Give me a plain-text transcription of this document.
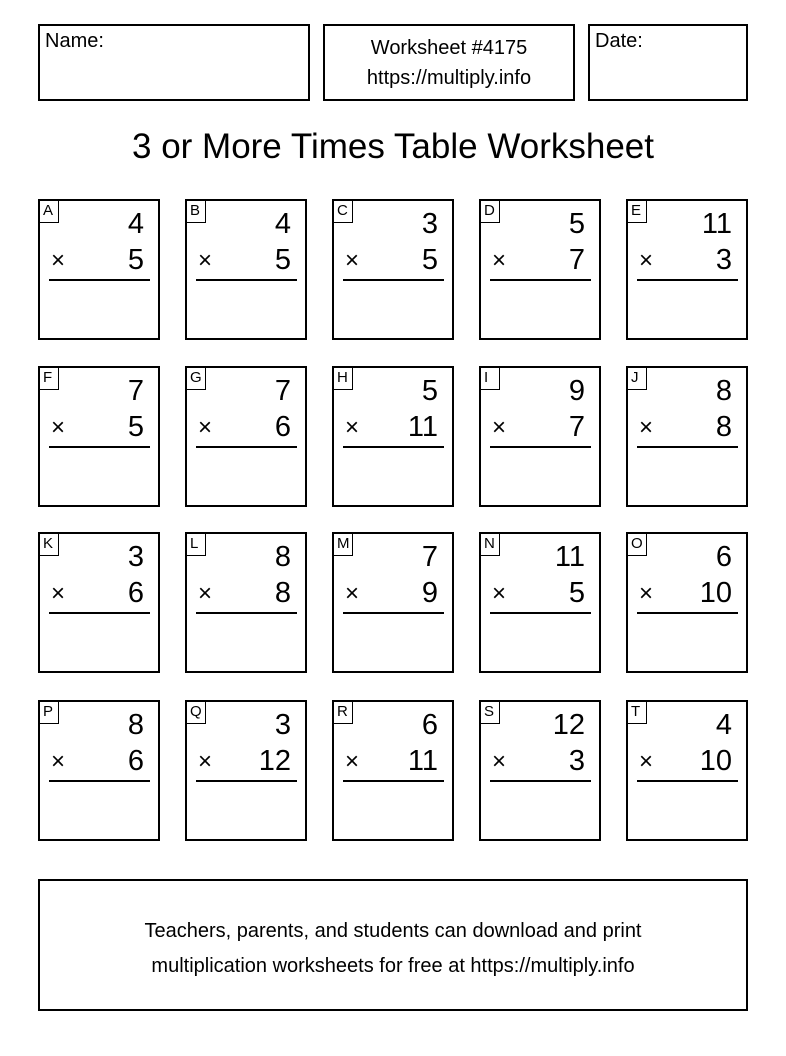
Name:	Worksheet #4175
https://multiply.info
Date:
3 or More Times Table Worksheet
A	4
× 5
B	4
× 5
C	3
× 5
D	5
× 7
E 11
× 3
F	7
× 5
G	7
× 6
H	5
× 11
I	9
× 7
J	8
× 8
K	3
× 6
L	8
× 8
M 7
× 9
N 11
× 5
O	6
× 10
P	8
× 6
Q	3
× 12
R	6
× 11
S 12
× 3
T	4
× 10
Teachers, parents, and students can download and print
multiplication worksheets for free at https://multiply.info
